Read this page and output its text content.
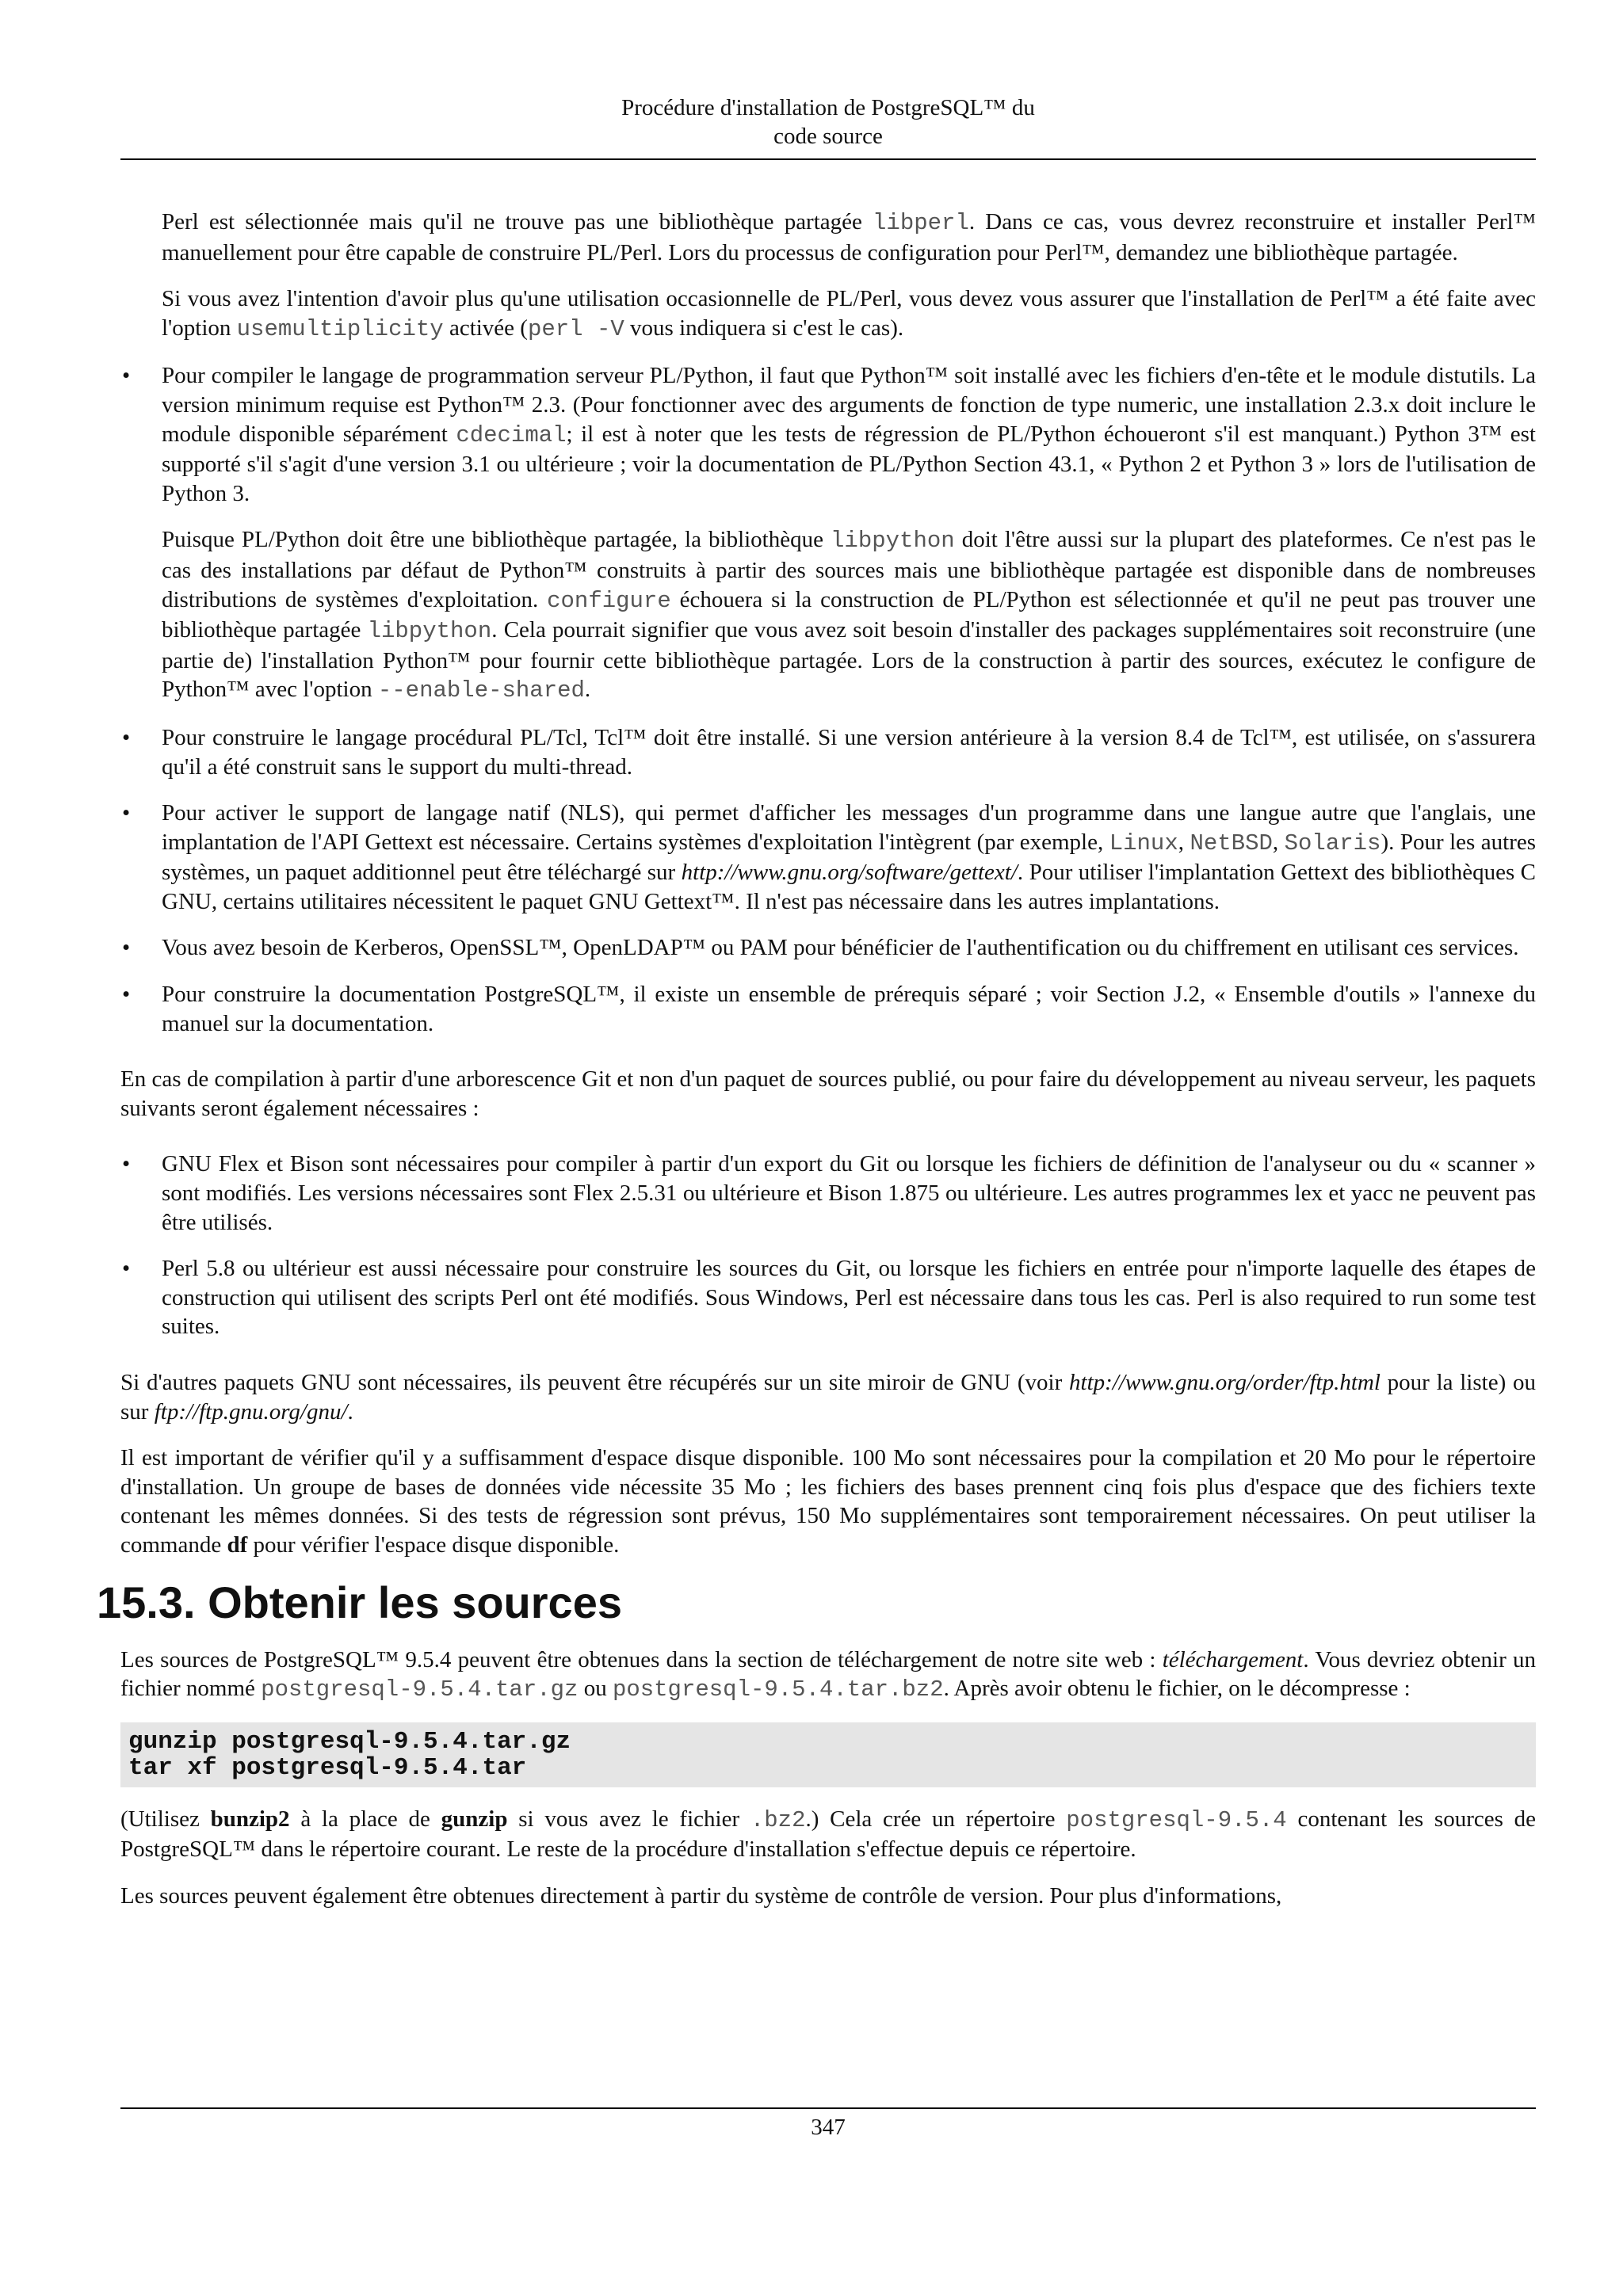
Procédure d'installation de PostgreSQL™ du
code source

Perl est sélectionnée mais qu'il ne trouve pas une bibliothèque partagée libperl. Dans ce cas, vous devrez reconstruire et installer Perl™ manuellement pour être capable de construire PL/Perl. Lors du processus de configuration pour Perl™, demandez une bibliothèque partagée.

Si vous avez l'intention d'avoir plus qu'une utilisation occasionnelle de PL/Perl, vous devez vous assurer que l'installation de Perl™ a été faite avec l'option usemultiplicity activée (perl -V vous indiquera si c'est le cas).

• Pour compiler le langage de programmation serveur PL/Python, il faut que Python™ soit installé avec les fichiers d'en-tête et le module distutils. La version minimum requise est Python™ 2.3. (Pour fonctionner avec des arguments de fonction de type numeric, une installation 2.3.x doit inclure le module disponible séparément cdecimal; il est à noter que les tests de régression de PL/Python échoueront s'il est manquant.) Python 3™ est supporté s'il s'agit d'une version 3.1 ou ultérieure ; voir la documentation de PL/Python Section 43.1, « Python 2 et Python 3 » lors de l'utilisation de Python 3.

Puisque PL/Python doit être une bibliothèque partagée, la bibliothèque libpython doit l'être aussi sur la plupart des plateformes. Ce n'est pas le cas des installations par défaut de Python™ construits à partir des sources mais une bibliothèque partagée est disponible dans de nombreuses distributions de systèmes d'exploitation. configure échouera si la construction de PL/Python est sélectionnée et qu'il ne peut pas trouver une bibliothèque partagée libpython. Cela pourrait signifier que vous avez soit besoin d'installer des packages supplémentaires soit reconstruire (une partie de) l'installation Python™ pour fournir cette bibliothèque partagée. Lors de la construction à partir des sources, exécutez le configure de Python™ avec l'option --enable-shared.

• Pour construire le langage procédural PL/Tcl, Tcl™ doit être installé. Si une version antérieure à la version 8.4 de Tcl™, est utilisée, on s'assurera qu'il a été construit sans le support du multi-thread.

• Pour activer le support de langage natif (NLS), qui permet d'afficher les messages d'un programme dans une langue autre que l'anglais, une implantation de l'API Gettext est nécessaire. Certains systèmes d'exploitation l'intègrent (par exemple, Linux, NetBSD, Solaris). Pour les autres systèmes, un paquet additionnel peut être téléchargé sur http://www.gnu.org/software/gettext/. Pour utiliser l'implantation Gettext des bibliothèques C GNU, certains utilitaires nécessitent le paquet GNU Gettext™. Il n'est pas nécessaire dans les autres implantations.

• Vous avez besoin de Kerberos, OpenSSL™, OpenLDAP™ ou PAM pour bénéficier de l'authentification ou du chiffrement en utilisant ces services.

• Pour construire la documentation PostgreSQL™, il existe un ensemble de prérequis séparé ; voir Section J.2, « Ensemble d'outils » l'annexe du manuel sur la documentation.

En cas de compilation à partir d'une arborescence Git et non d'un paquet de sources publié, ou pour faire du développement au niveau serveur, les paquets suivants seront également nécessaires :

• GNU Flex et Bison sont nécessaires pour compiler à partir d'un export du Git ou lorsque les fichiers de définition de l'analyseur ou du « scanner » sont modifiés. Les versions nécessaires sont Flex 2.5.31 ou ultérieure et Bison 1.875 ou ultérieure. Les autres programmes lex et yacc ne peuvent pas être utilisés.

• Perl 5.8 ou ultérieur est aussi nécessaire pour construire les sources du Git, ou lorsque les fichiers en entrée pour n'importe laquelle des étapes de construction qui utilisent des scripts Perl ont été modifiés. Sous Windows, Perl est nécessaire dans tous les cas. Perl is also required to run some test suites.

Si d'autres paquets GNU sont nécessaires, ils peuvent être récupérés sur un site miroir de GNU (voir http://www.gnu.org/order/ftp.html pour la liste) ou sur ftp://ftp.gnu.org/gnu/.

Il est important de vérifier qu'il y a suffisamment d'espace disque disponible. 100 Mo sont nécessaires pour la compilation et 20 Mo pour le répertoire d'installation. Un groupe de bases de données vide nécessite 35 Mo ; les fichiers des bases prennent cinq fois plus d'espace que des fichiers texte contenant les mêmes données. Si des tests de régression sont prévus, 150 Mo supplémentaires sont temporairement nécessaires. On peut utiliser la commande df pour vérifier l'espace disque disponible.

15.3. Obtenir les sources

Les sources de PostgreSQL™ 9.5.4 peuvent être obtenues dans la section de téléchargement de notre site web : téléchargement. Vous devriez obtenir un fichier nommé postgresql-9.5.4.tar.gz ou postgresql-9.5.4.tar.bz2. Après avoir obtenu le fichier, on le décompresse :

gunzip postgresql-9.5.4.tar.gz
tar xf postgresql-9.5.4.tar

(Utilisez bunzip2 à la place de gunzip si vous avez le fichier .bz2.) Cela crée un répertoire postgresql-9.5.4 contenant les sources de PostgreSQL™ dans le répertoire courant. Le reste de la procédure d'installation s'effectue depuis ce répertoire.

Les sources peuvent également être obtenues directement à partir du système de contrôle de version. Pour plus d'informations,

347
